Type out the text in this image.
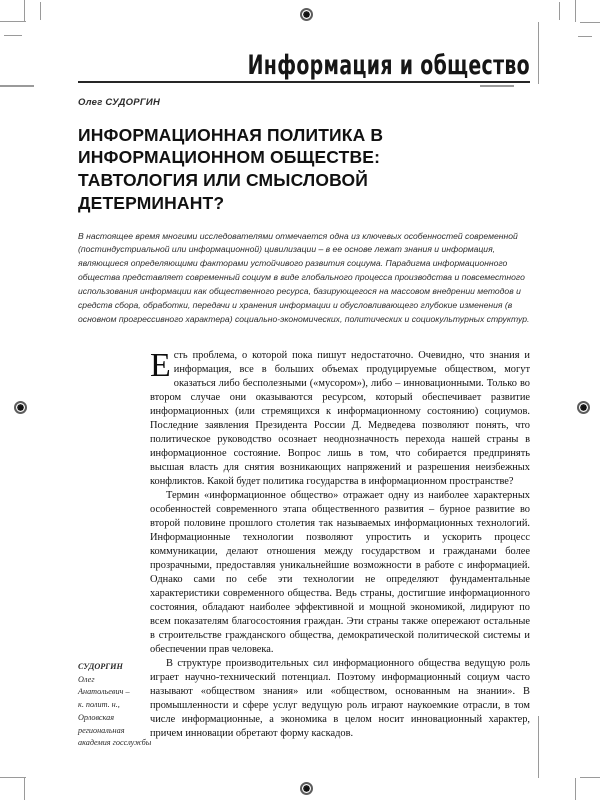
Информация и общество

Олег СУДОРГИН

ИНФОРМАЦИОННАЯ ПОЛИТИКА В ИНФОРМАЦИОННОМ ОБЩЕСТВЕ: ТАВТОЛОГИЯ ИЛИ СМЫСЛОВОЙ ДЕТЕРМИНАНТ?

В настоящее время многими исследователями отмечается одна из ключевых особенностей современной (постиндустриальной или информационной) цивилизации – в ее основе лежат знания и информация, являющиеся определяющими факторами устойчивого развития социума. Парадигма информационного общества представляет современный социум в виде глобального процесса производства и повсеместного использования информации как общественного ресурса, базирующегося на массовом внедрении методов и средств сбора, обработки, передачи и хранения информации и обусловливающего глубокие изменения (в основном прогрессивного характера) социально-экономических, политических и социокультурных структур.

СУДОРГИН
Олег
Анатольевич –
к. полит. н.,
Орловская
региональная
академия госслужбы

Есть проблема, о которой пока пишут недостаточно. Очевидно, что знания и информация, все в больших объемах продуцируемые обществом, могут оказаться либо бесполезными («мусором»), либо – инновационными. Только во втором случае они оказываются ресурсом, который обеспечивает развитие информационных (или стремящихся к информационному состоянию) социумов. Последние заявления Президента России Д. Медведева позволяют понять, что политическое руководство осознает неоднозначность перехода нашей страны в информационное состояние. Вопрос лишь в том, что собирается предпринять высшая власть для снятия возникающих напряжений и разрешения неизбежных конфликтов. Какой будет политика государства в информационном пространстве?

Термин «информационное общество» отражает одну из наиболее характерных особенностей современного этапа общественного развития – бурное развитие во второй половине прошлого столетия так называемых информационных технологий. Информационные технологии позволяют упростить и ускорить процесс коммуникации, делают отношения между государством и гражданами более прозрачными, предоставляя уникальнейшие возможности в работе с информацией. Однако сами по себе эти технологии не определяют фундаментальные характеристики современного общества. Ведь страны, достигшие информационного состояния, обладают наиболее эффективной и мощной экономикой, лидируют по всем показателям благосостояния граждан. Эти страны также опережают остальные в строительстве гражданского общества, демократической политической системы и обеспечении прав человека.

В структуре производительных сил информационного общества ведущую роль играет научно-технический потенциал. Поэтому информационный социум часто называют «обществом знания» или «обществом, основанным на знании». В промышленности и сфере услуг ведущую роль играют наукоемкие отрасли, в том числе информационные, а экономика в целом носит инновационный характер, причем инновации обретают форму каскадов.
